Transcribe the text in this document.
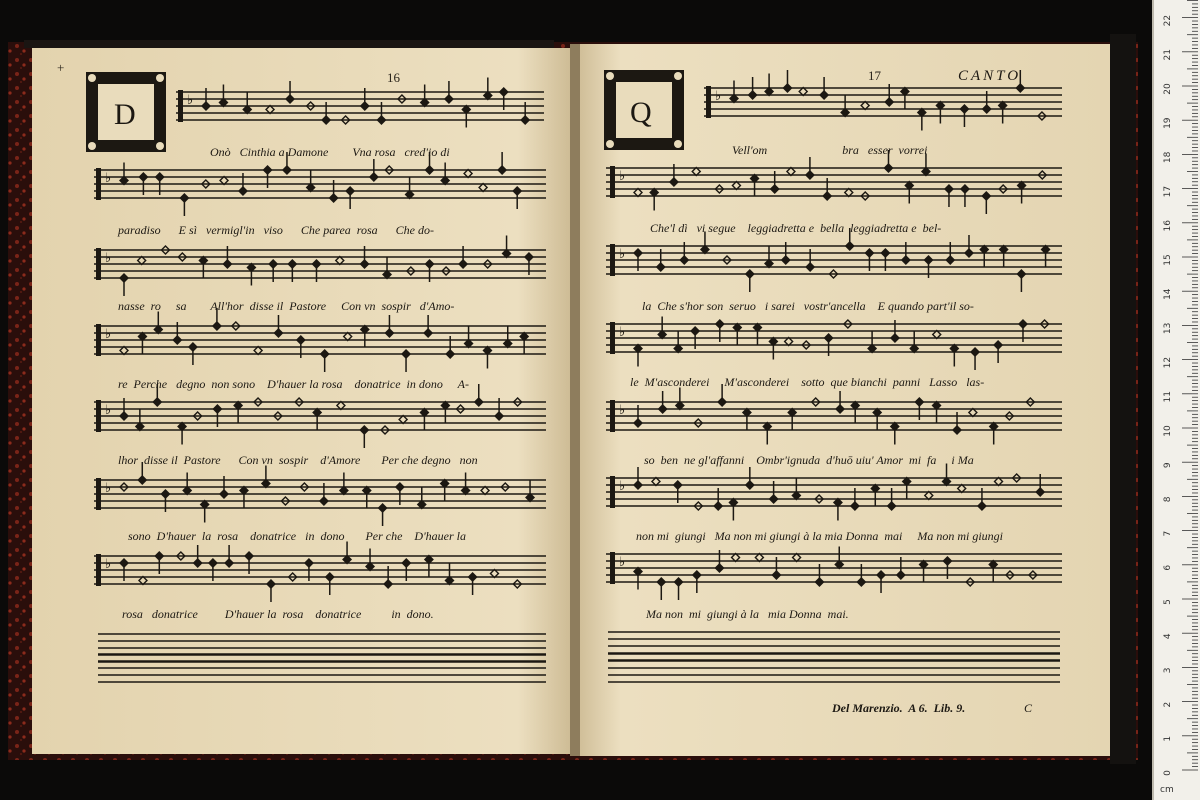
16
+
D
17	CANTO
Q
♭
♭
♭
♭
♭
♭
♭
Onò   Cinthia a Damone        Vna rosa   cred'io di
paradiso      E sì   vermigl'in   viso      Che parea  rosa      Che do-
nasse  ro     sa        All'hor  disse il  Pastore     Con vn  sospir   d'Amo-
re  Perche   degno  non sono    D'hauer la rosa    donatrice  in dono     A-
lhor  disse il  Pastore      Con vn  sospir    d'Amore       Per che degno   non
sono  D'hauer  la  rosa    donatrice   in  dono       Per che    D'hauer la
rosa   donatrice         D'hauer la  rosa    donatrice          in  dono.
♭
♭
♭
♭
♭
♭
♭
Vell'om                         bra   esser  vorrei
Che'l dì   vi segue    leggiadretta e  bella  leggiadretta e  bel-
la  Che s'hor son  seruo   i sarei   vostr'ancella    E quando part'il so-
le  M'asconderei     M'asconderei    sotto  que bianchi  panni   Lasso   las-
so  ben  ne gl'affanni    Ombr'ignuda  d'huō uiu' Amor  mi  fa     i Ma
non mi  giungi   Ma non mi giungi à la mia Donna  mai     Ma non mi giungi
Ma non  mi  giungi à la   mia Donna  mai.
Del Marenzio.  A 6.  Lib. 9.	C
0
1
2
3
4
5
6
7
8
9
10
11
12
13
14
15
16
17
18
19
20
21
22
cm
